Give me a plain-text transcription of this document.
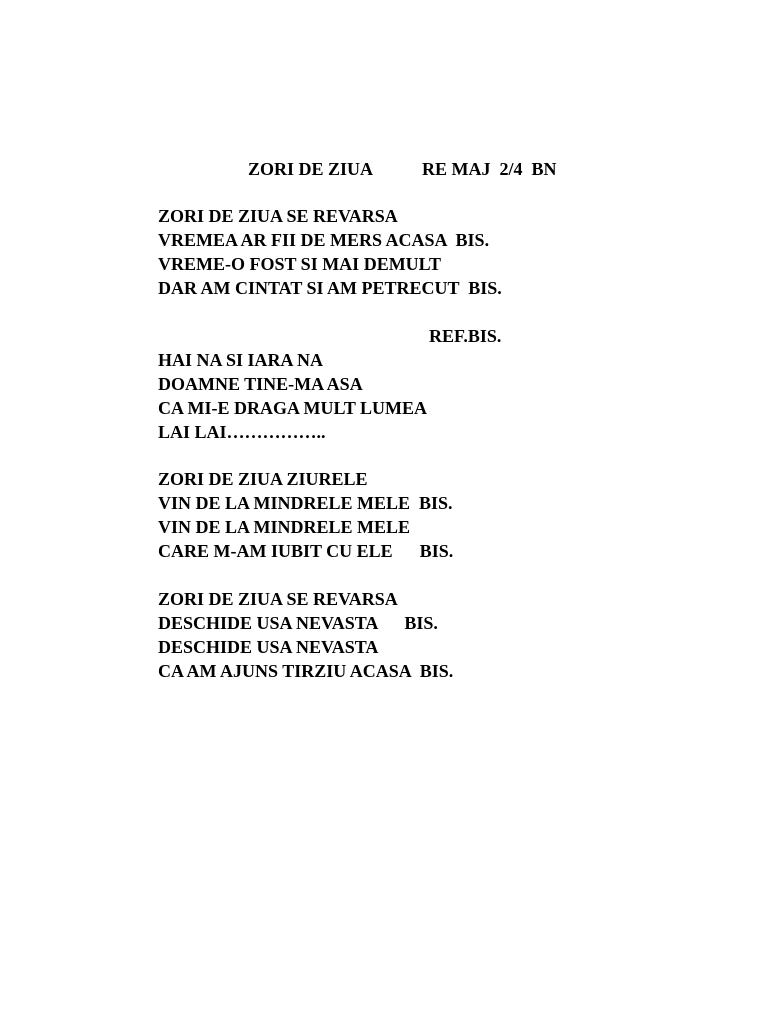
ZORI DE ZIUA

	RE MAJ  2/4  BN

ZORI DE ZIUA SE REVARSA
VREMEA AR FII DE MERS ACASA  BIS.
VREME-O FOST SI MAI DEMULT
DAR AM CINTAT SI AM PETRECUT  BIS.
REF.BIS.
HAI NA SI IARA NA
DOAMNE TINE-MA ASA
CA MI-E DRAGA MULT LUMEA
LAI LAI……………..
ZORI DE ZIUA ZIURELE
VIN DE LA MINDRELE MELE  BIS.
VIN DE LA MINDRELE MELE
CARE M-AM IUBIT CU ELE      BIS.
ZORI DE ZIUA SE REVARSA
DESCHIDE USA NEVASTA      BIS.
DESCHIDE USA NEVASTA
CA AM AJUNS TIRZIU ACASA  BIS.
